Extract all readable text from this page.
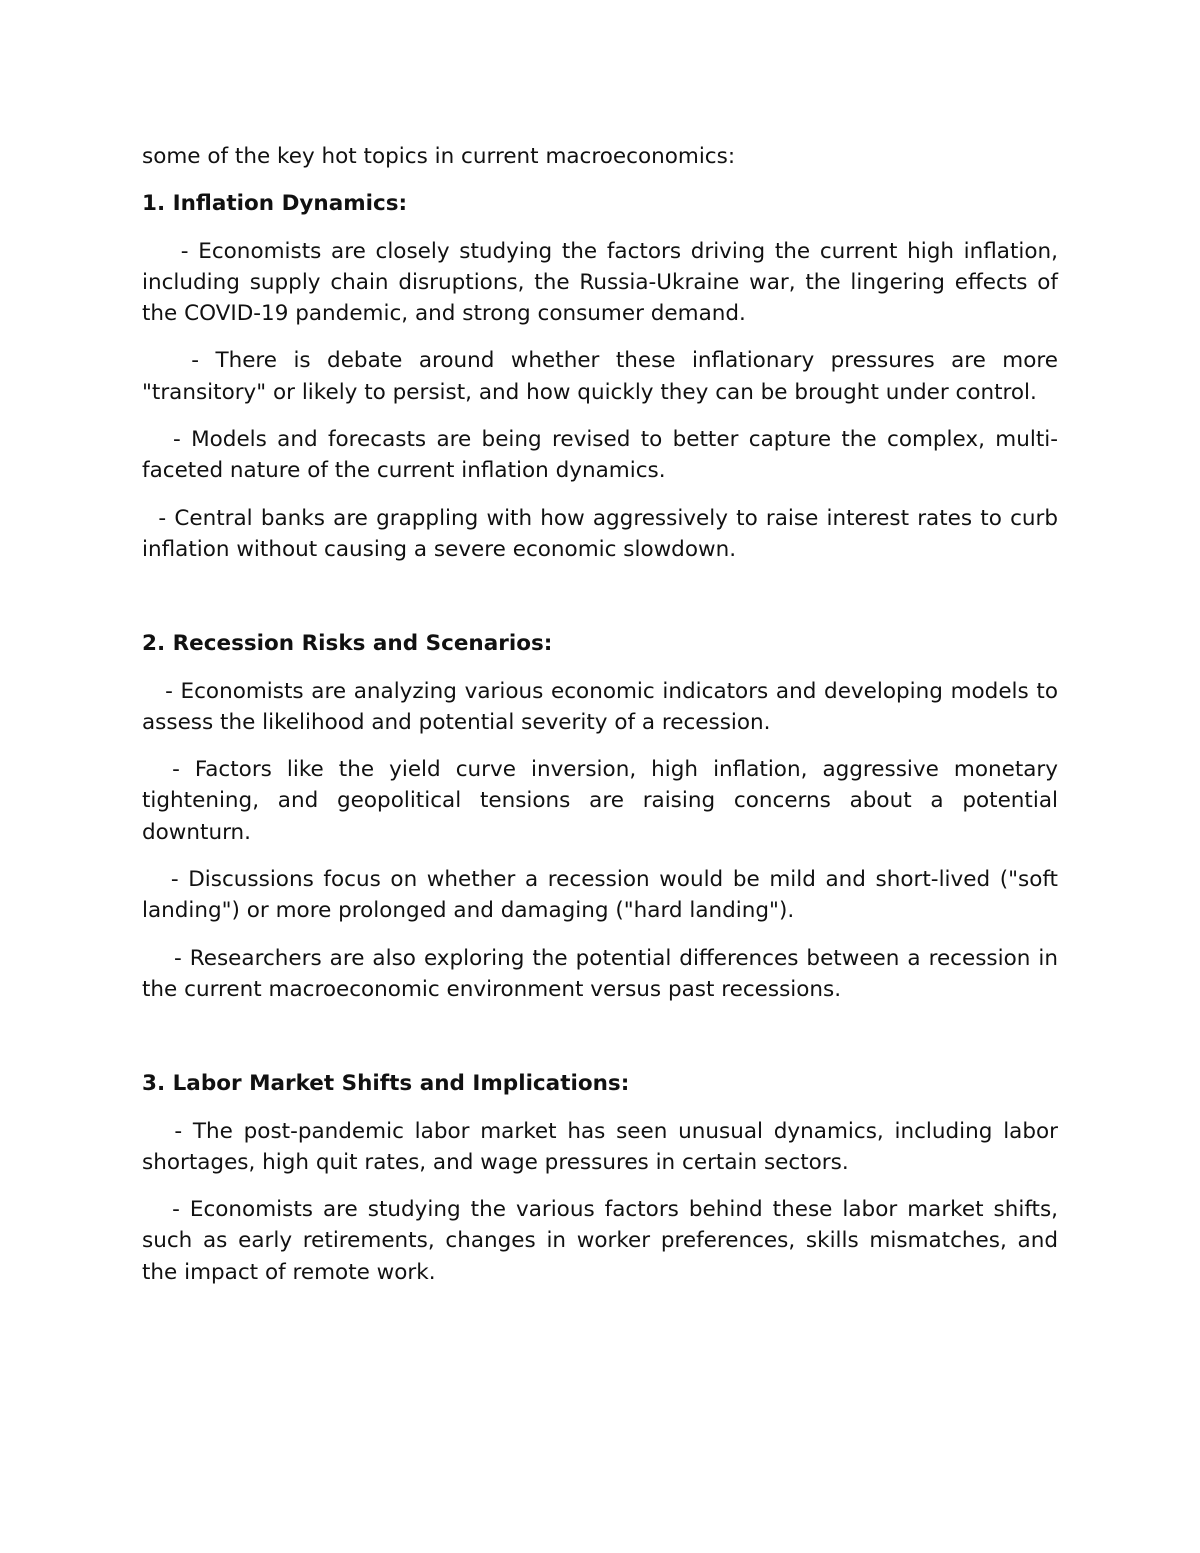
some of the key hot topics in current macroeconomics:

1. Inflation Dynamics:

- Economists are closely studying the factors driving the current high inflation, including supply chain disruptions, the Russia-Ukraine war, the lingering effects of the COVID-19 pandemic, and strong consumer demand.

- There is debate around whether these inflationary pressures are more "transitory" or likely to persist, and how quickly they can be brought under control.

- Models and forecasts are being revised to better capture the complex, multi-faceted nature of the current inflation dynamics.

- Central banks are grappling with how aggressively to raise interest rates to curb inflation without causing a severe economic slowdown.

2. Recession Risks and Scenarios:

- Economists are analyzing various economic indicators and developing models to assess the likelihood and potential severity of a recession.

- Factors like the yield curve inversion, high inflation, aggressive monetary tightening, and geopolitical tensions are raising concerns about a potential downturn.

- Discussions focus on whether a recession would be mild and short-lived ("soft landing") or more prolonged and damaging ("hard landing").

- Researchers are also exploring the potential differences between a recession in the current macroeconomic environment versus past recessions.

3. Labor Market Shifts and Implications:

- The post-pandemic labor market has seen unusual dynamics, including labor shortages, high quit rates, and wage pressures in certain sectors.

- Economists are studying the various factors behind these labor market shifts, such as early retirements, changes in worker preferences, skills mismatches, and the impact of remote work.
